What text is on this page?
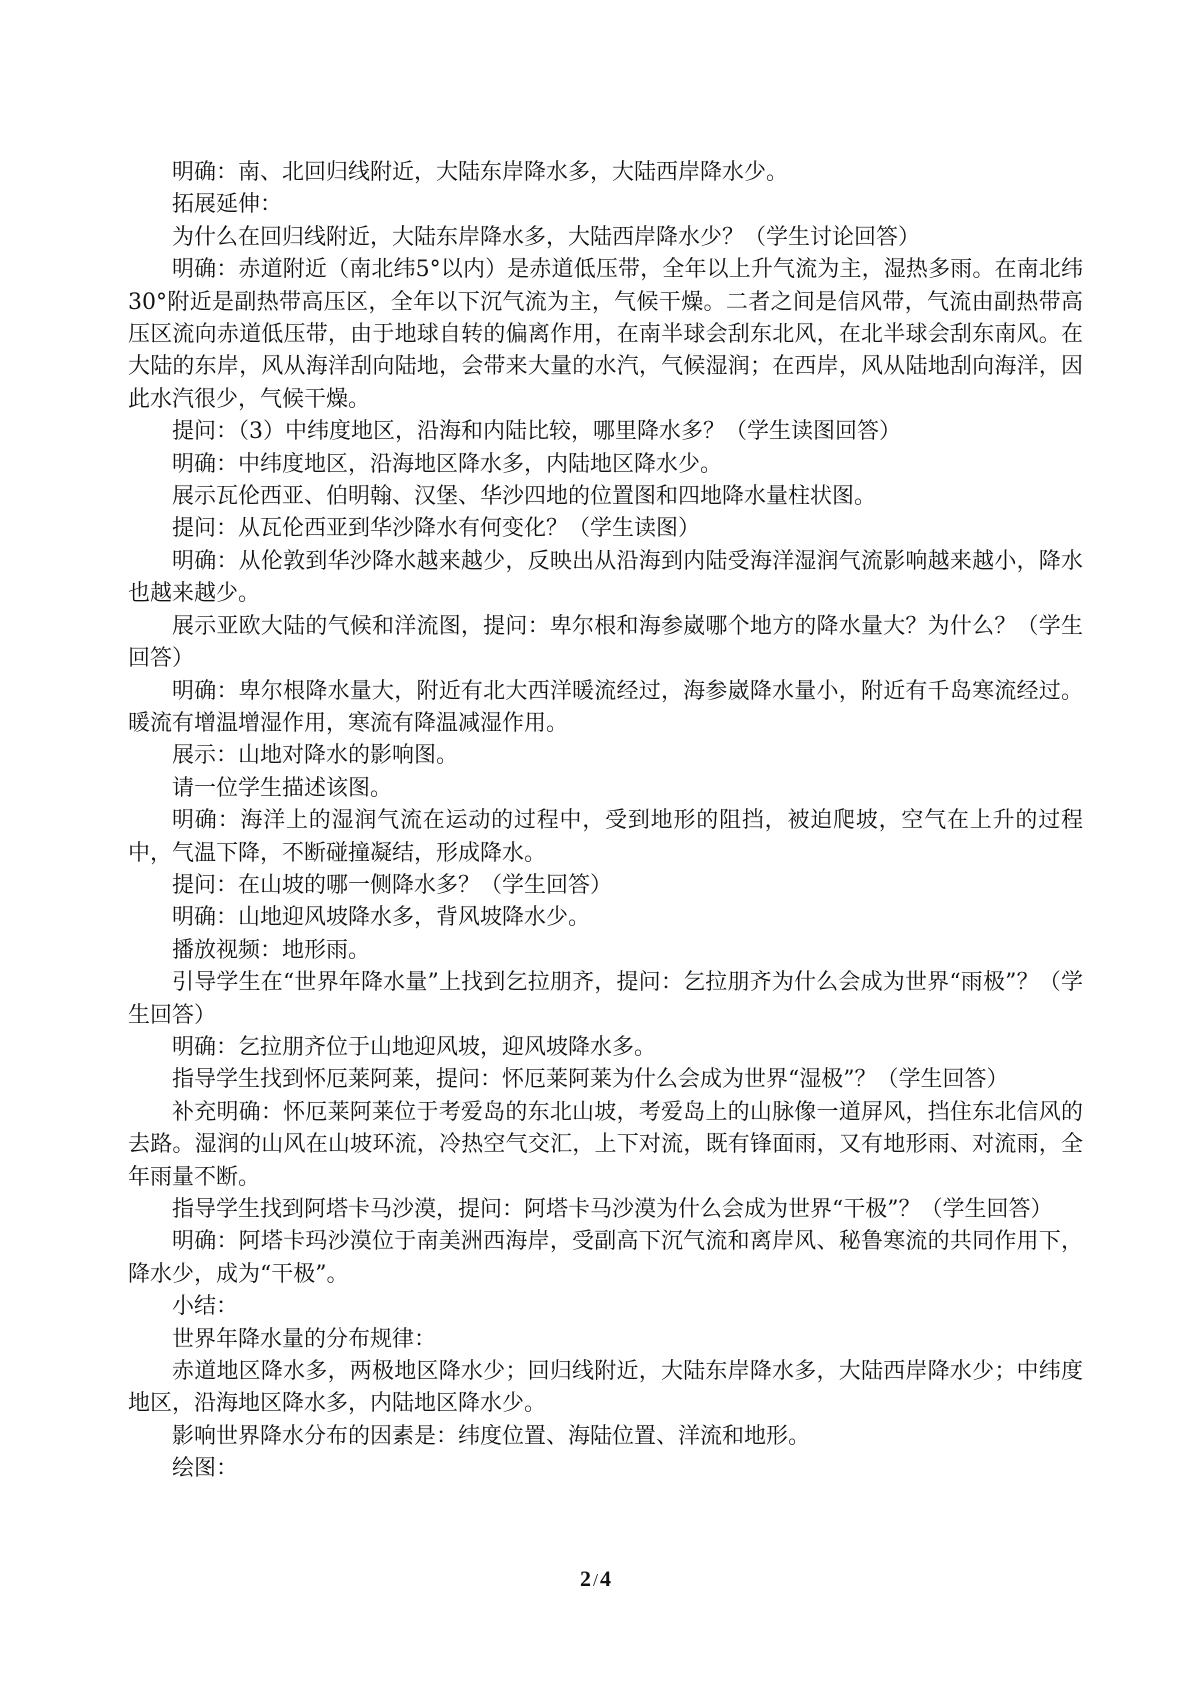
明确：南、北回归线附近，大陆东岸降水多，大陆西岸降水少。

拓展延伸：

为什么在回归线附近，大陆东岸降水多，大陆西岸降水少？（学生讨论回答）

明确：赤道附近（南北纬5°以内）是赤道低压带，全年以上升气流为主，湿热多雨。在南北纬30°附近是副热带高压区，全年以下沉气流为主，气候干燥。二者之间是信风带，气流由副热带高压区流向赤道低压带，由于地球自转的偏离作用，在南半球会刮东北风，在北半球会刮东南风。在大陆的东岸，风从海洋刮向陆地，会带来大量的水汽，气候湿润；在西岸，风从陆地刮向海洋，因此水汽很少，气候干燥。

提问：（3）中纬度地区，沿海和内陆比较，哪里降水多？（学生读图回答）

明确：中纬度地区，沿海地区降水多，内陆地区降水少。

展示瓦伦西亚、伯明翰、汉堡、华沙四地的位置图和四地降水量柱状图。

提问：从瓦伦西亚到华沙降水有何变化？（学生读图）

明确：从伦敦到华沙降水越来越少，反映出从沿海到内陆受海洋湿润气流影响越来越小，降水也越来越少。

展示亚欧大陆的气候和洋流图，提问：卑尔根和海参崴哪个地方的降水量大？为什么？（学生回答）

明确：卑尔根降水量大，附近有北大西洋暖流经过，海参崴降水量小，附近有千岛寒流经过。暖流有增温增湿作用，寒流有降温减湿作用。

展示：山地对降水的影响图。

请一位学生描述该图。

明确：海洋上的湿润气流在运动的过程中，受到地形的阻挡，被迫爬坡，空气在上升的过程中，气温下降，不断碰撞凝结，形成降水。

提问：在山坡的哪一侧降水多？（学生回答）

明确：山地迎风坡降水多，背风坡降水少。

播放视频：地形雨。

引导学生在“世界年降水量”上找到乞拉朋齐，提问：乞拉朋齐为什么会成为世界“雨极”？（学生回答）

明确：乞拉朋齐位于山地迎风坡，迎风坡降水多。

指导学生找到怀厄莱阿莱，提问：怀厄莱阿莱为什么会成为世界“湿极”？（学生回答）

补充明确：怀厄莱阿莱位于考爱岛的东北山坡，考爱岛上的山脉像一道屏风，挡住东北信风的去路。湿润的山风在山坡环流，冷热空气交汇，上下对流，既有锋面雨，又有地形雨、对流雨，全年雨量不断。

指导学生找到阿塔卡马沙漠，提问：阿塔卡马沙漠为什么会成为世界“干极”？（学生回答）

明确：阿塔卡玛沙漠位于南美洲西海岸，受副高下沉气流和离岸风、秘鲁寒流的共同作用下，降水少，成为“干极”。

小结：

世界年降水量的分布规律：

赤道地区降水多，两极地区降水少；回归线附近，大陆东岸降水多，大陆西岸降水少；中纬度地区，沿海地区降水多，内陆地区降水少。

影响世界降水分布的因素是：纬度位置、海陆位置、洋流和地形。

绘图：

2 /4
